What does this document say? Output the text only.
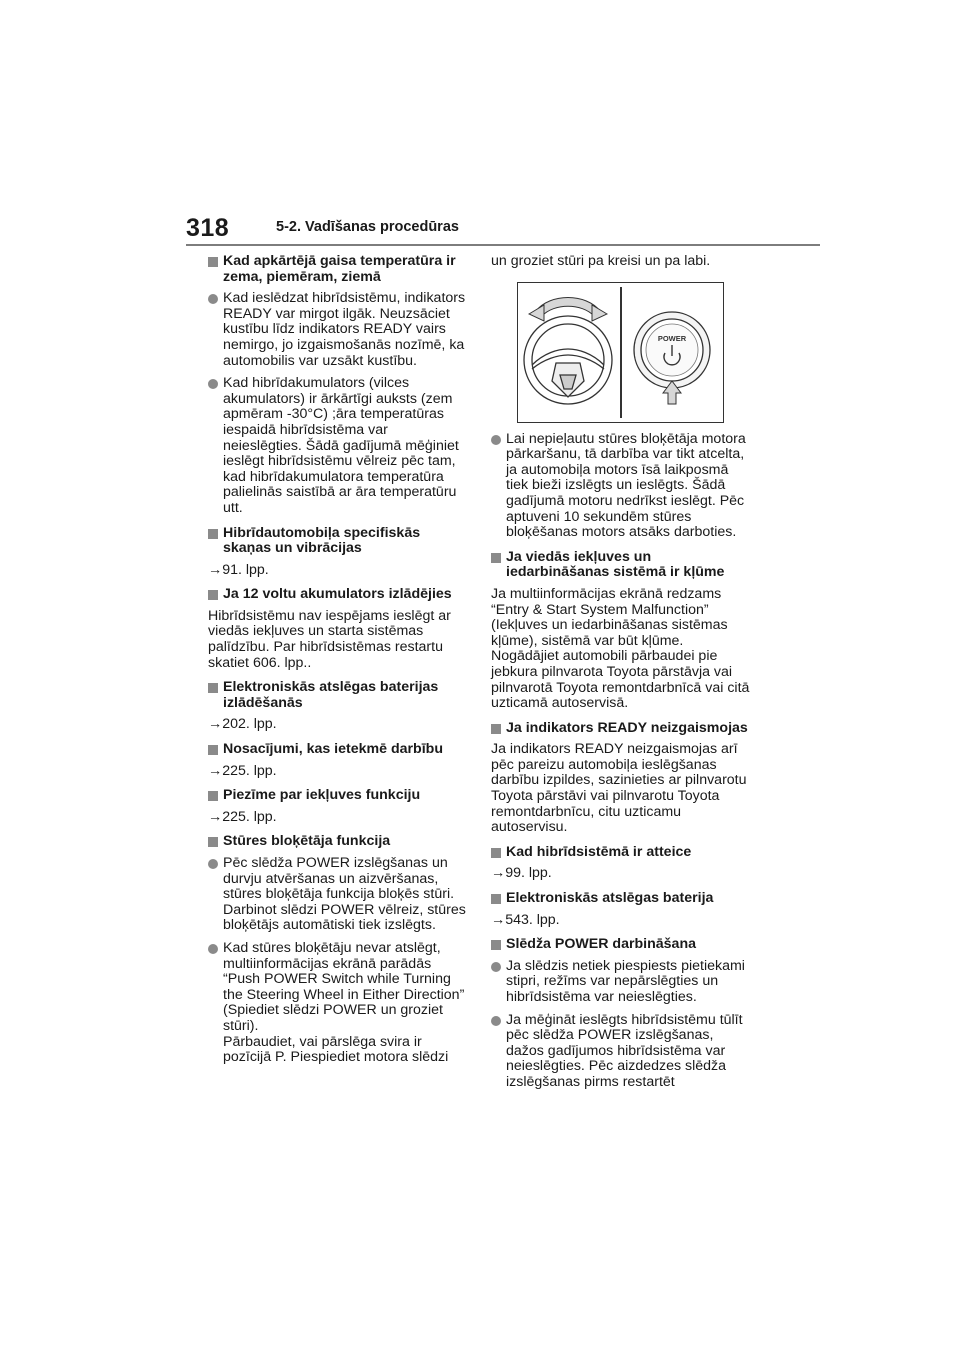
318	5-2. Vadīšanas procedūras
Kad apkārtējā gaisa temperatūra ir zema, piemēram, ziemā
Kad ieslēdzat hibrīdsistēmu, indikators READY var mirgot ilgāk. Neuzsāciet kustību līdz indikators READY vairs nemirgo, jo izgaismošanās nozīmē, ka automobilis var uzsākt kustību.
Kad hibrīdakumulators (vilces akumulators) ir ārkārtīgi auksts (zem apmēram -30°C) ;āra temperatūras iespaidā hibrīdsistēma var neieslēgties. Šādā gadījumā mēģiniet ieslēgt hibrīdsistēmu vēlreiz pēc tam, kad hibrīdakumulatora temperatūra palielinās saistībā ar āra temperatūru utt.
Hibrīdautomobiļa specifiskās skaņas un vibrācijas
→91. lpp.
Ja 12 voltu akumulators izlādējies
Hibrīdsistēmu nav iespējams ieslēgt ar viedās iekļuves un starta sistēmas palīdzību. Par hibrīdsistēmas restartu skatiet 606. lpp..
Elektroniskās atslēgas baterijas izlādēšanās
→202. lpp.
Nosacījumi, kas ietekmē darbību
→225. lpp.
Piezīme par iekļuves funkciju
→225. lpp.
Stūres bloķētāja funkcija
Pēc slēdža POWER izslēgšanas un durvju atvēršanas un aizvēršanas, stūres bloķētāja funkcija bloķēs stūri. Darbinot slēdzi POWER vēlreiz, stūres bloķētājs automātiski tiek izslēgts.
Kad stūres bloķētāju nevar atslēgt, multiinformācijas ekrānā parādās “Push POWER Switch while Turning the Steering Wheel in Either Direction” (Spiediet slēdzi POWER un groziet stūri).
Pārbaudiet, vai pārslēga svira ir pozīcijā P. Piespiediet motora slēdzi
un groziet stūri pa kreisi un pa labi.
POWER
Lai nepieļautu stūres bloķētāja motora pārkaršanu, tā darbība var tikt atcelta, ja automobiļa motors īsā laikposmā tiek bieži izslēgts un ieslēgts. Šādā gadījumā motoru nedrīkst ieslēgt. Pēc aptuveni 10 sekundēm stūres bloķēšanas motors atsāks darboties.
Ja viedās iekļuves un iedarbināšanas sistēmā ir kļūme
Ja multiinformācijas ekrānā redzams “Entry & Start System Malfunction” (Iekļuves un iedarbināšanas sistēmas kļūme), sistēmā var būt kļūme. Nogādājiet automobili pārbaudei pie jebkura pilnvarota Toyota pārstāvja vai pilnvarotā Toyota remontdarbnīcā vai citā uzticamā autoservisā.
Ja indikators READY neizgaismojas
Ja indikators READY neizgaismojas arī pēc pareizu automobiļa ieslēgšanas darbību izpildes, sazinieties ar pilnvarotu Toyota pārstāvi vai pilnvarotu Toyota remontdarbnīcu, citu uzticamu autoservisu.
Kad hibrīdsistēmā ir atteice
→99. lpp.
Elektroniskās atslēgas baterija
→543. lpp.
Slēdža POWER darbināšana
Ja slēdzis netiek piespiests pietiekami stipri, režīms var nepārslēgties un hibrīdsistēma var neieslēgties.
Ja mēģināt ieslēgts hibrīdsistēmu tūlīt pēc slēdža POWER izslēgšanas, dažos gadījumos hibrīdsistēma var neieslēgties. Pēc aizdedzes slēdža izslēgšanas pirms restartēt
